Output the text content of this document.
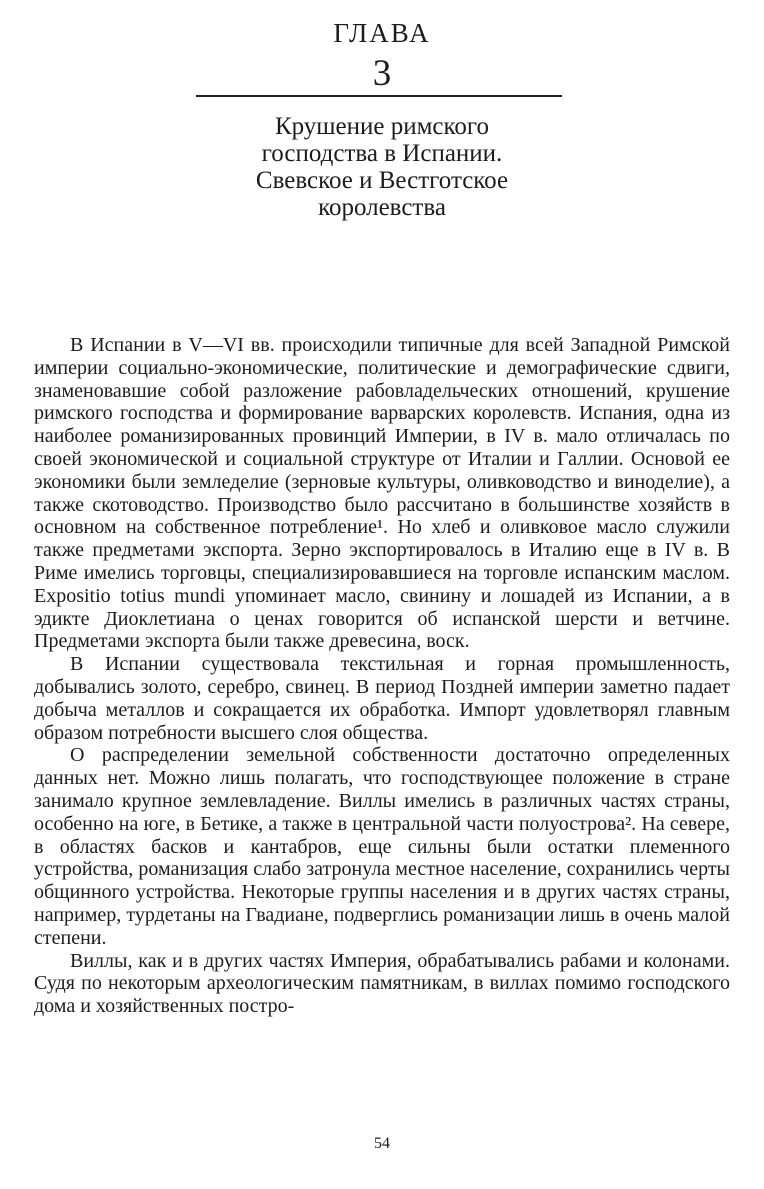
ГЛАВА
3
Крушение римского
господства в Испании.
Свевское и Вестготское
королевства

В Испании в V—VI вв. происходили типичные для всей Западной Римской империи социально-экономические, политические и демографические сдвиги, знаменовавшие собой разложение рабовладельческих отношений, крушение римского господства и формирование варварских королевств. Испания, одна из наиболее романизированных провинций Империи, в IV в. мало отличалась по своей экономической и социальной структуре от Италии и Галлии. Основой ее экономики были земледелие (зерновые культуры, оливководство и виноделие), а также скотоводство. Производство было рассчитано в большинстве хозяйств в основном на собственное потребление¹. Но хлеб и оливковое масло служили также предметами экспорта. Зерно экспортировалось в Италию еще в IV в. В Риме имелись торговцы, специализировавшиеся на торговле испанским маслом. Expositio totius mundi упоминает масло, свинину и лошадей из Испании, а в эдикте Диоклетиана о ценах говорится об испанской шерсти и ветчине. Предметами экспорта были также древесина, воск.

В Испании существовала текстильная и горная промышленность, добывались золото, серебро, свинец. В период Поздней империи заметно падает добыча металлов и сокращается их обработка. Импорт удовлетворял главным образом потребности высшего слоя общества.

О распределении земельной собственности достаточно определенных данных нет. Можно лишь полагать, что господствующее положение в стране занимало крупное землевладение. Виллы имелись в различных частях страны, особенно на юге, в Бетике, а также в центральной части полуострова². На севере, в областях басков и кантабров, еще сильны были остатки племенного устройства, романизация слабо затронула местное население, сохранились черты общинного устройства. Некоторые группы населения и в других частях страны, например, турдетаны на Гвадиане, подверглись романизации лишь в очень малой степени.

Виллы, как и в других частях Империя, обрабатывались рабами и колонами. Судя по некоторым археологическим памятникам, в виллах помимо господского дома и хозяйственных постро-

54
